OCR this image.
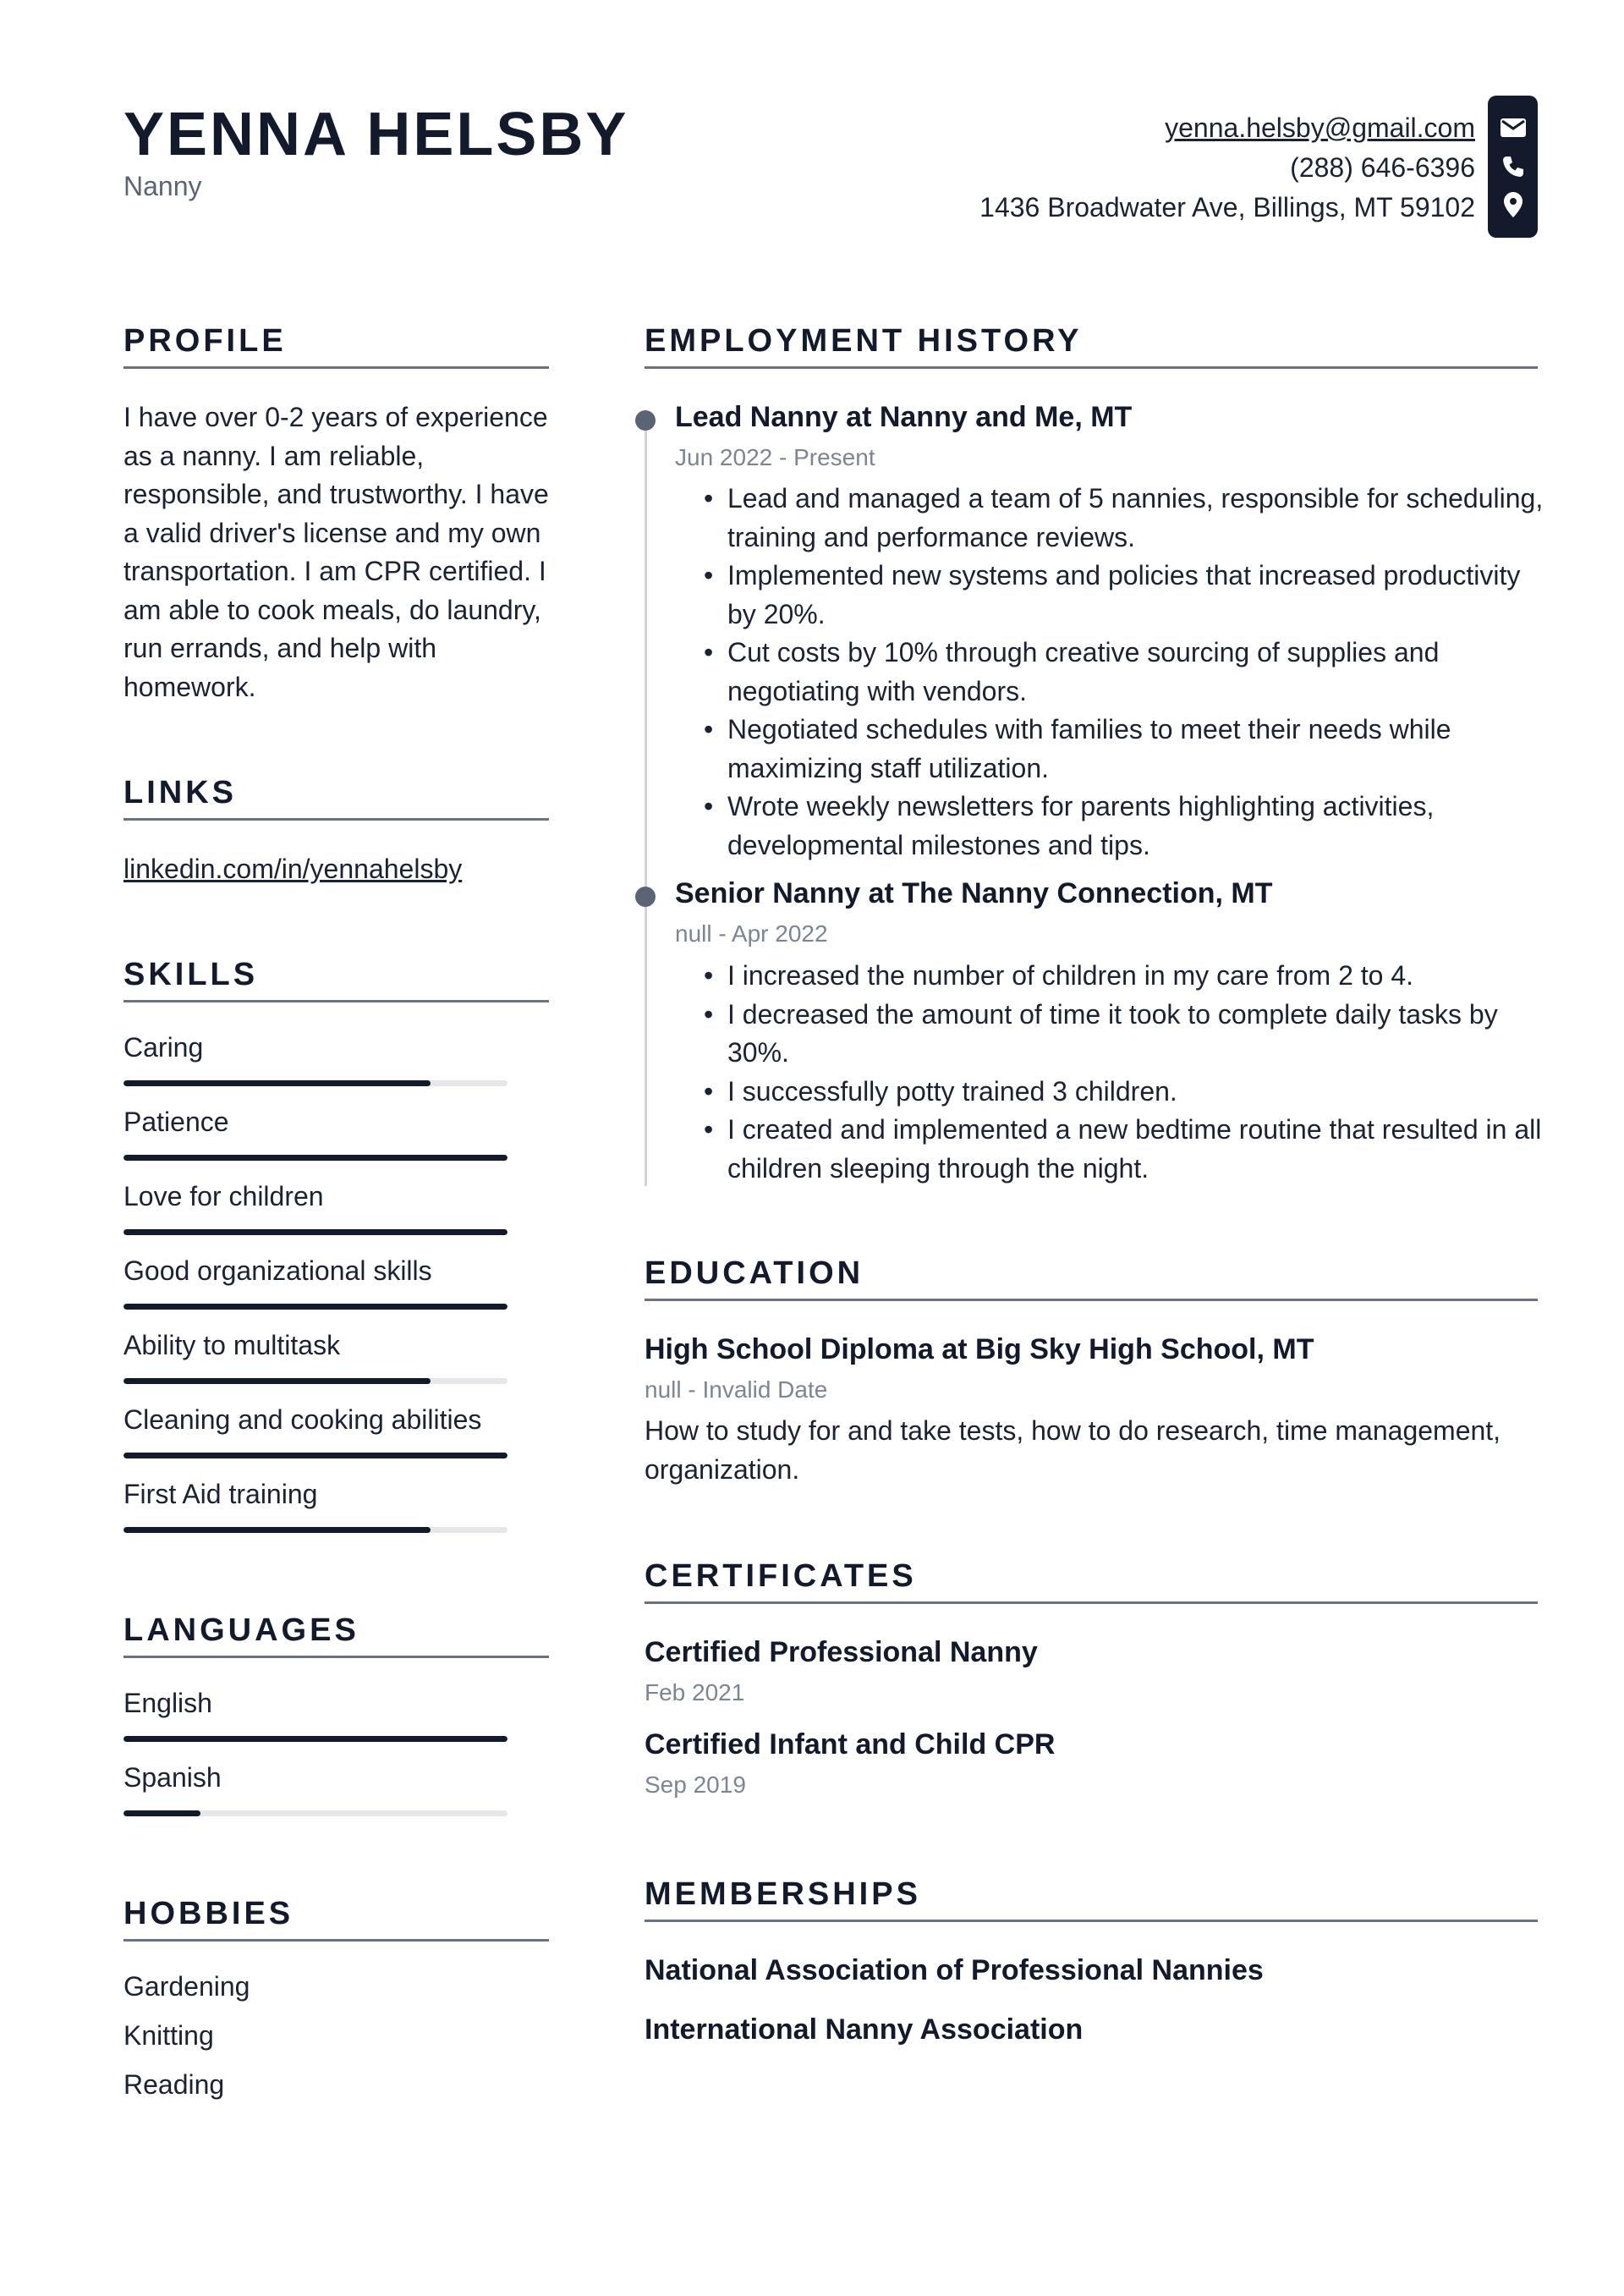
YENNA HELSBY
Nanny
yenna.helsby@gmail.com
(288) 646-6396
1436 Broadwater Ave, Billings, MT 59102
PROFILE
I have over 0-2 years of experience as a nanny. I am reliable, responsible, and trustworthy. I have a valid driver's license and my own transportation. I am CPR certified. I am able to cook meals, do laundry, run errands, and help with homework.
LINKS
linkedin.com/in/yennahelsby
SKILLS
Caring
Patience
Love for children
Good organizational skills
Ability to multitask
Cleaning and cooking abilities
First Aid training
LANGUAGES
English
Spanish
HOBBIES
Gardening
Knitting
Reading
EMPLOYMENT HISTORY
Lead Nanny at Nanny and Me, MT
Jun 2022 - Present
• Lead and managed a team of 5 nannies, responsible for scheduling, training and performance reviews.
• Implemented new systems and policies that increased productivity by 20%.
• Cut costs by 10% through creative sourcing of supplies and negotiating with vendors.
• Negotiated schedules with families to meet their needs while maximizing staff utilization.
• Wrote weekly newsletters for parents highlighting activities, developmental milestones and tips.
Senior Nanny at The Nanny Connection, MT
null - Apr 2022
• I increased the number of children in my care from 2 to 4.
• I decreased the amount of time it took to complete daily tasks by 30%.
• I successfully potty trained 3 children.
• I created and implemented a new bedtime routine that resulted in all children sleeping through the night.
EDUCATION
High School Diploma at Big Sky High School, MT
null - Invalid Date
How to study for and take tests, how to do research, time management, organization.
CERTIFICATES
Certified Professional Nanny
Feb 2021
Certified Infant and Child CPR
Sep 2019
MEMBERSHIPS
National Association of Professional Nannies
International Nanny Association
